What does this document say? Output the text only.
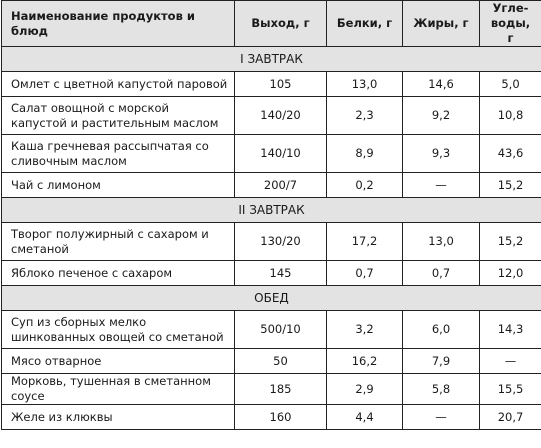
Наименование продуктов и блюд	Выход, г	Белки, г	Жиры, г	Угле-воды, г
I ЗАВТРАК				
Омлет с цветной капустой паровой	105	13,0	14,6	5,0
Салат овощной с морской капустой и растительным маслом	140/20	2,3	9,2	10,8
Каша гречневая рассыпчатая со сливочным маслом	140/10	8,9	9,3	43,6
Чай с лимоном	200/7	0,2	—	15,2
II ЗАВТРАК				
Творог полужирный с сахаром и сметаной	130/20	17,2	13,0	15,2
Яблоко печеное с сахаром	145	0,7	0,7	12,0
ОБЕД				
Суп из сборных мелко шинкованных овощей со сметаной	500/10	3,2	6,0	14,3
Мясо отварное	50	16,2	7,9	—
Морковь, тушенная в сметанном соусе	185	2,9	5,8	15,5
Желе из клюквы	160	4,4	—	20,7
